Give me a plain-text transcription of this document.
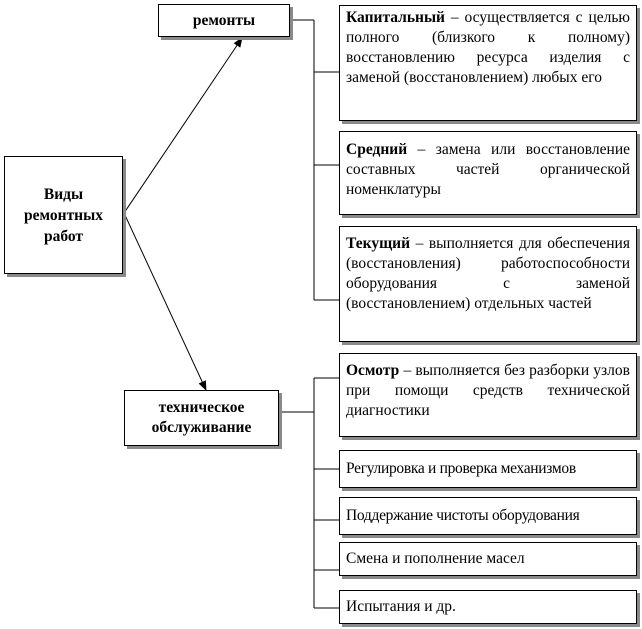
Виды ремонтных работ
ремонты
техническое обслуживание
Капитальный – осуществляется с целью полного (близкого к полному) восстановлению ресурса изделия с заменой (восстановлением) любых его
Средний – замена или восстановление составных частей органической номенклатуры
Текущий – выполняется для обеспечения (восстановления) работоспособности оборудования с заменой (восстановлением) отдельных частей
Осмотр – выполняется без разборки узлов при помощи средств технической диагностики
Регулировка и проверка механизмов
Поддержание чистоты оборудования
Смена и пополнение масел
Испытания и др.
